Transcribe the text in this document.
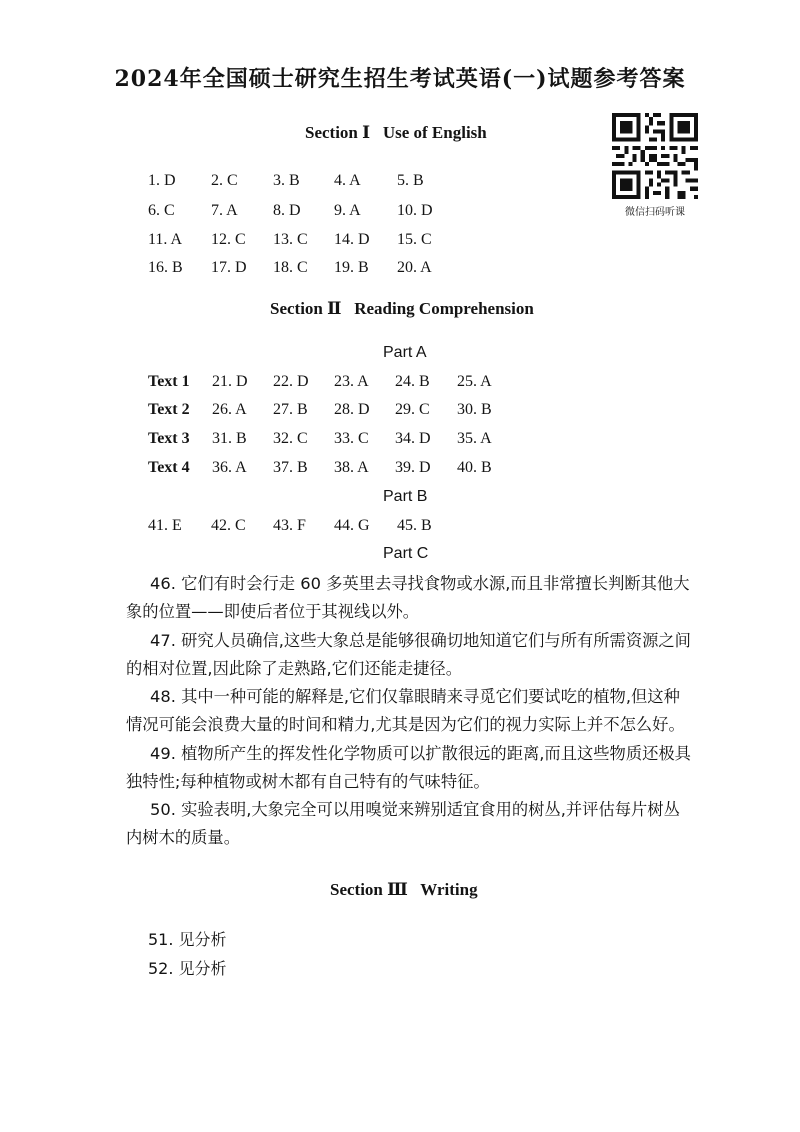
2024年全国硕士研究生招生考试英语(一)试题参考答案
微信扫码听课
Section Ⅰ   Use of English
1. D 2. C 3. B 4. A 5. B
6. C 7. A 8. D 9. A 10. D
11. A 12. C 13. C 14. D 15. C
16. B 17. D 18. C 19. B 20. A
Section Ⅱ   Reading Comprehension
Part A
Text 1 21. D 22. D 23. A 24. B 25. A
Text 2 26. A 27. B 28. D 29. C 30. B
Text 3 31. B 32. C 33. C 34. D 35. A
Text 4 36. A 37. B 38. A 39. D 40. B
Part B
41. E 42. C 43. F 44. G 45. B
Part C
46. 它们有时会行走 60 多英里去寻找食物或水源,而且非常擅长判断其他大
象的位置——即使后者位于其视线以外。
47. 研究人员确信,这些大象总是能够很确切地知道它们与所有所需资源之间
的相对位置,因此除了走熟路,它们还能走捷径。
48. 其中一种可能的解释是,它们仅靠眼睛来寻觅它们要试吃的植物,但这种
情况可能会浪费大量的时间和精力,尤其是因为它们的视力实际上并不怎么好。
49. 植物所产生的挥发性化学物质可以扩散很远的距离,而且这些物质还极具
独特性;每种植物或树木都有自己特有的气味特征。
50. 实验表明,大象完全可以用嗅觉来辨别适宜食用的树丛,并评估每片树丛
内树木的质量。
Section Ⅲ   Writing
51. 见分析
52. 见分析
